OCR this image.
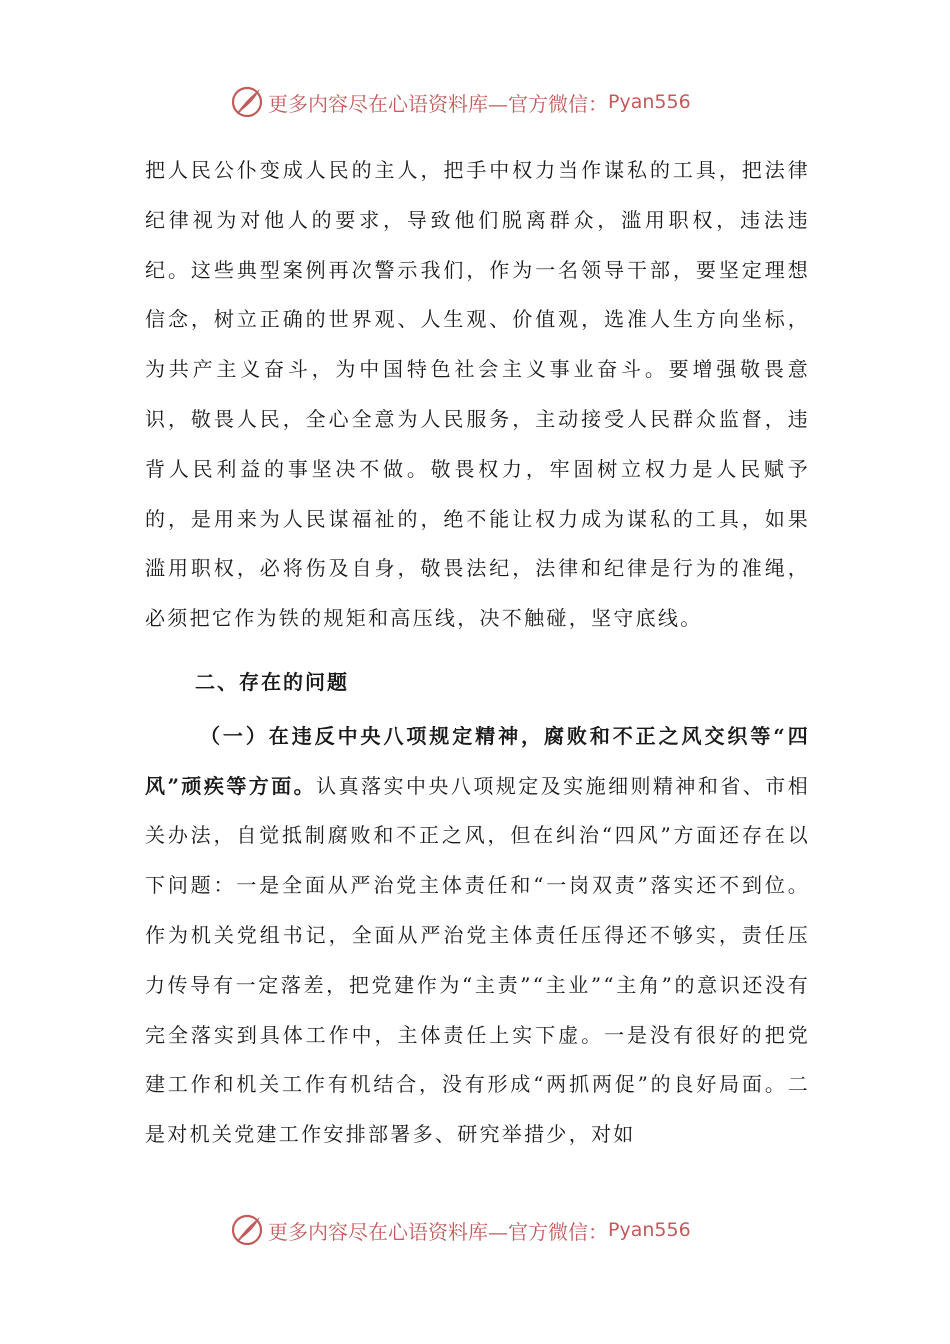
更多内容尽在心语资料库—官方微信： Pyan556

把人民公仆变成人民的主人，把手中权力当作谋私的工具，把法律纪律视为对他人的要求，导致他们脱离群众，滥用职权，违法违纪。这些典型案例再次警示我们，作为一名领导干部，要坚定理想信念，树立正确的世界观、人生观、价值观，选准人生方向坐标，为共产主义奋斗，为中国特色社会主义事业奋斗。要增强敬畏意识，敬畏人民，全心全意为人民服务，主动接受人民群众监督，违背人民利益的事坚决不做。敬畏权力，牢固树立权力是人民赋予的，是用来为人民谋福祉的，绝不能让权力成为谋私的工具，如果滥用职权，必将伤及自身，敬畏法纪，法律和纪律是行为的准绳，必须把它作为铁的规矩和高压线，决不触碰，坚守底线。

二、存在的问题

（一）在违反中央八项规定精神，腐败和不正之风交织等“四风”顽疾等方面。认真落实中央八项规定及实施细则精神和省、市相关办法，自觉抵制腐败和不正之风，但在纠治“四风”方面还存在以下问题：一是全面从严治党主体责任和“一岗双责”落实还不到位。作为机关党组书记，全面从严治党主体责任压得还不够实，责任压力传导有一定落差，把党建作为“主责”“主业”“主角”的意识还没有完全落实到具体工作中，主体责任上实下虚。一是没有很好的把党建工作和机关工作有机结合，没有形成“两抓两促”的良好局面。二是对机关党建工作安排部署多、研究举措少，对如

更多内容尽在心语资料库—官方微信： Pyan556
